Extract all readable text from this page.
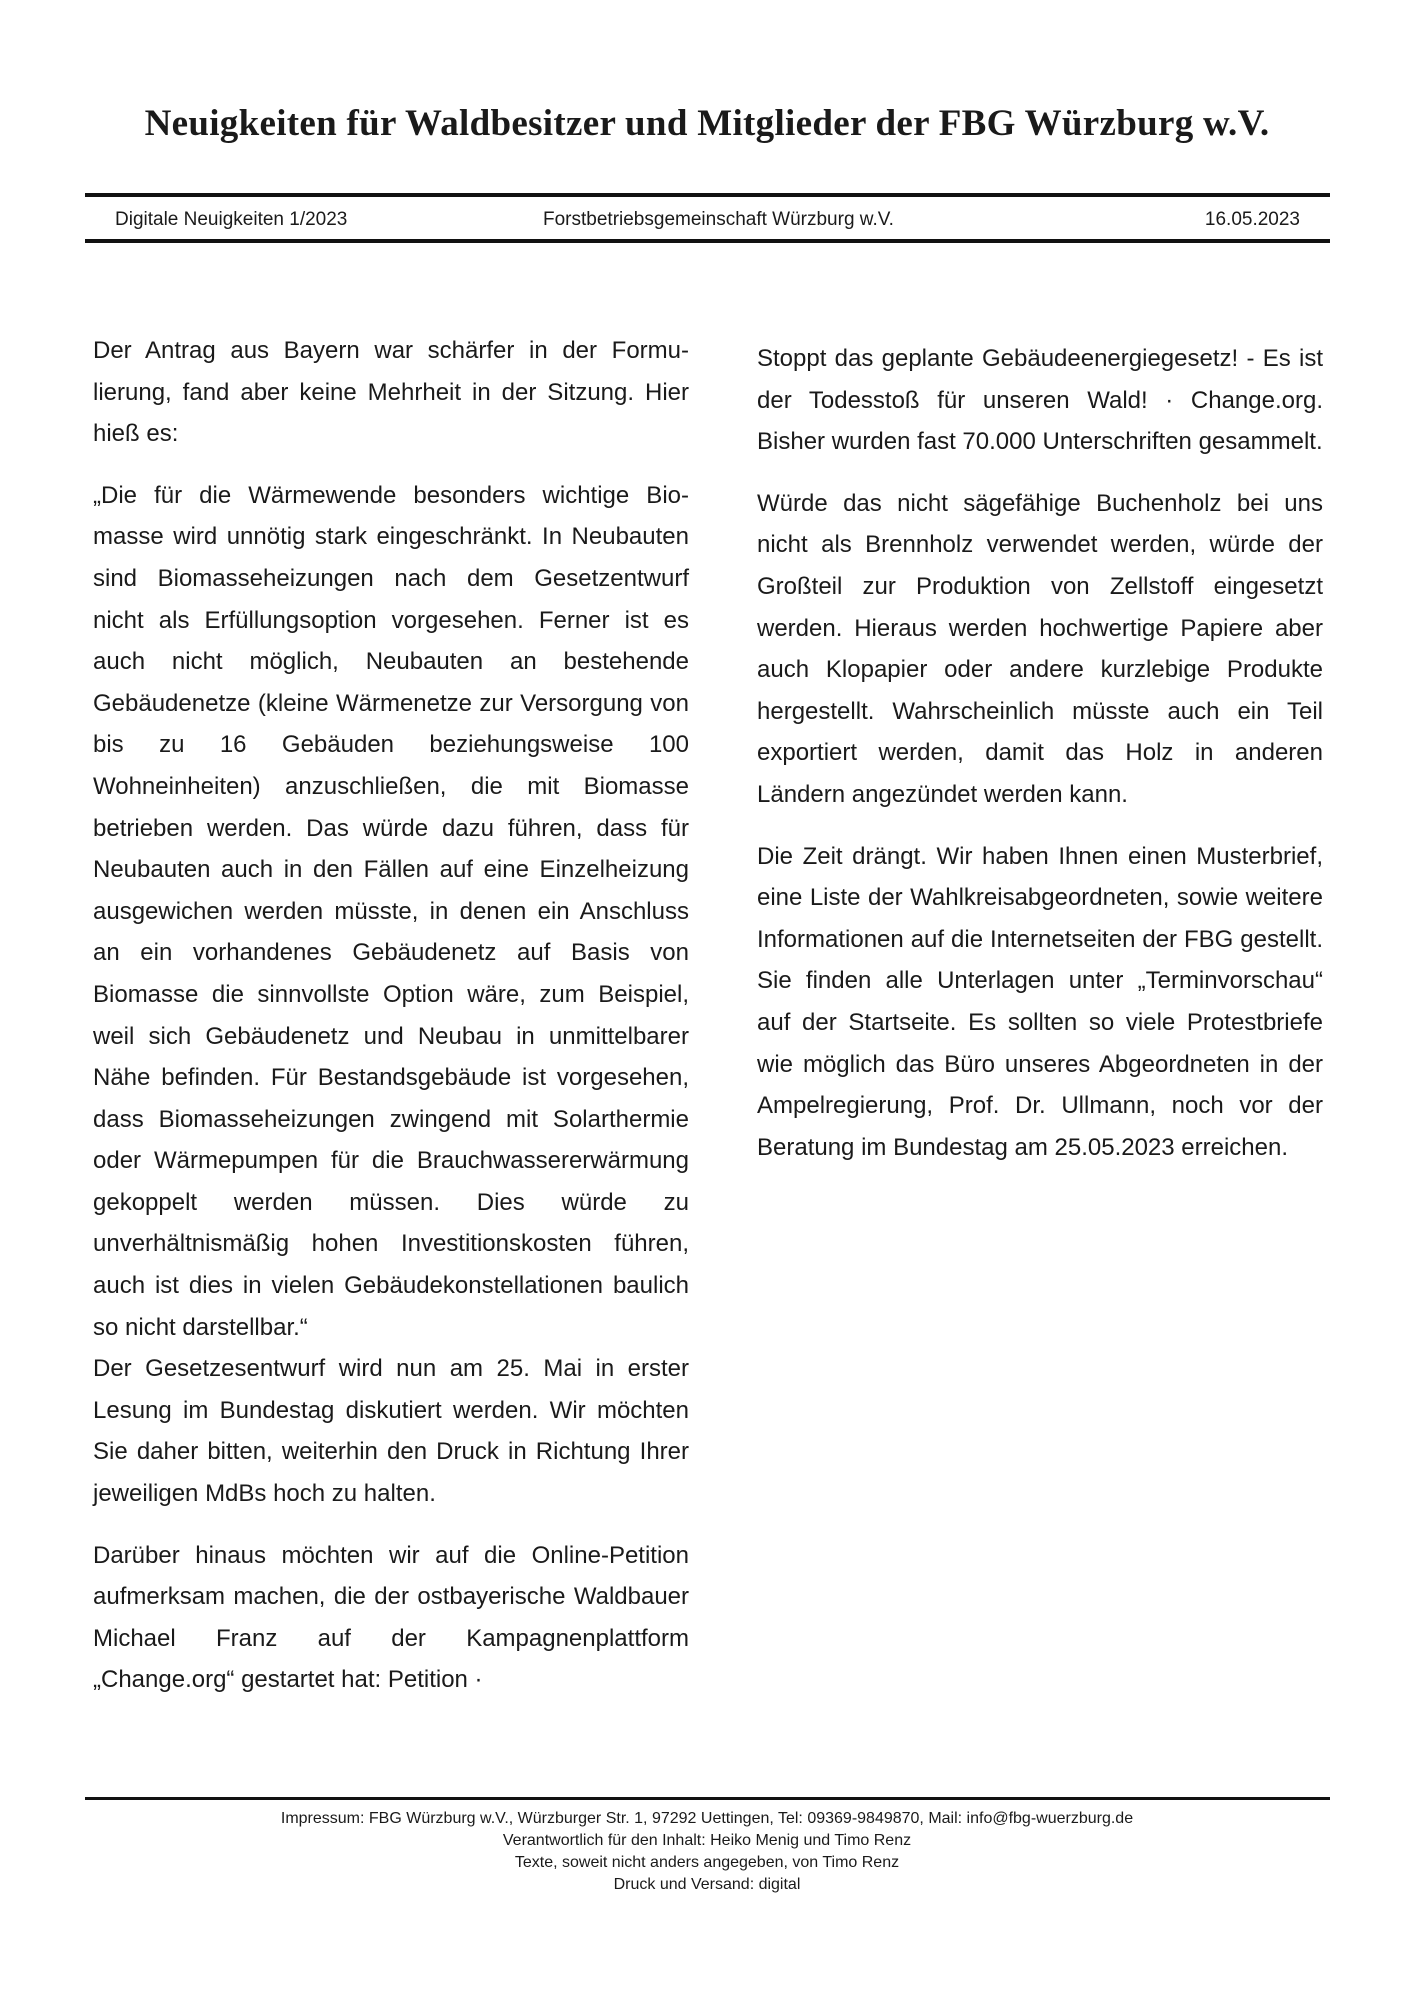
Neuigkeiten für Waldbesitzer und Mitglieder der FBG Würzburg w.V.
Digitale Neuigkeiten 1/2023	Forstbetriebsgemeinschaft Würzburg w.V.	16.05.2023

Der Antrag aus Bayern war schärfer in der Formulierung, fand aber keine Mehrheit in der Sitzung. Hier hieß es:

„Die für die Wärmewende besonders wichtige Biomasse wird unnötig stark eingeschränkt. In Neubauten sind Biomasseheizungen nach dem Gesetzentwurf nicht als Erfüllungsoption vorgesehen. Ferner ist es auch nicht möglich, Neubauten an bestehende Gebäudenetze (kleine Wärmenetze zur Versorgung von bis zu 16 Gebäuden beziehungsweise 100 Wohneinheiten) anzuschließen, die mit Biomasse betrieben werden. Das würde dazu führen, dass für Neubauten auch in den Fällen auf eine Einzelheizung ausgewichen werden müsste, in denen ein Anschluss an ein vorhandenes Gebäudenetz auf Basis von Biomasse die sinnvollste Option wäre, zum Beispiel, weil sich Gebäudenetz und Neubau in unmittelbarer Nähe befinden. Für Bestandsgebäude ist vorgesehen, dass Biomasseheizungen zwingend mit Solarthermie oder Wärmepumpen für die Brauchwassererwärmung gekoppelt werden müssen. Dies würde zu unverhältnismäßig hohen Investitionskosten führen, auch ist dies in vielen Gebäudekonstellationen baulich so nicht darstellbar.“

Der Gesetzesentwurf wird nun am 25. Mai in erster Lesung im Bundestag diskutiert werden. Wir möchten Sie daher bitten, weiterhin den Druck in Richtung Ihrer jeweiligen MdBs hoch zu halten.

Darüber hinaus möchten wir auf die Online-Petition aufmerksam machen, die der ostbayerische Waldbauer Michael Franz auf der Kampagnenplattform „Change.org“ gestartet hat: Petition ·

Stoppt das geplante Gebäudeenergiegesetz! - Es ist der Todesstoß für unseren Wald! · Change.org. Bisher wurden fast 70.000 Unterschriften gesammelt.

Würde das nicht sägefähige Buchenholz bei uns nicht als Brennholz verwendet werden, würde der Großteil zur Produktion von Zellstoff eingesetzt werden. Hieraus werden hochwertige Papiere aber auch Klopapier oder andere kurzlebige Produkte hergestellt. Wahrscheinlich müsste auch ein Teil exportiert werden, damit das Holz in anderen Ländern angezündet werden kann.

Die Zeit drängt. Wir haben Ihnen einen Musterbrief, eine Liste der Wahlkreisabgeordneten, sowie weitere Informationen auf die Internetseiten der FBG gestellt. Sie finden alle Unterlagen unter „Terminvorschau“ auf der Startseite. Es sollten so viele Protestbriefe wie möglich das Büro unseres Abgeordneten in der Ampelregierung, Prof. Dr. Ullmann, noch vor der Beratung im Bundestag am 25.05.2023 erreichen.

Impressum: FBG Würzburg w.V., Würzburger Str. 1, 97292 Uettingen, Tel: 09369-9849870, Mail: info@fbg-wuerzburg.de
Verantwortlich für den Inhalt: Heiko Menig und Timo Renz
Texte, soweit nicht anders angegeben, von Timo Renz
Druck und Versand: digital
